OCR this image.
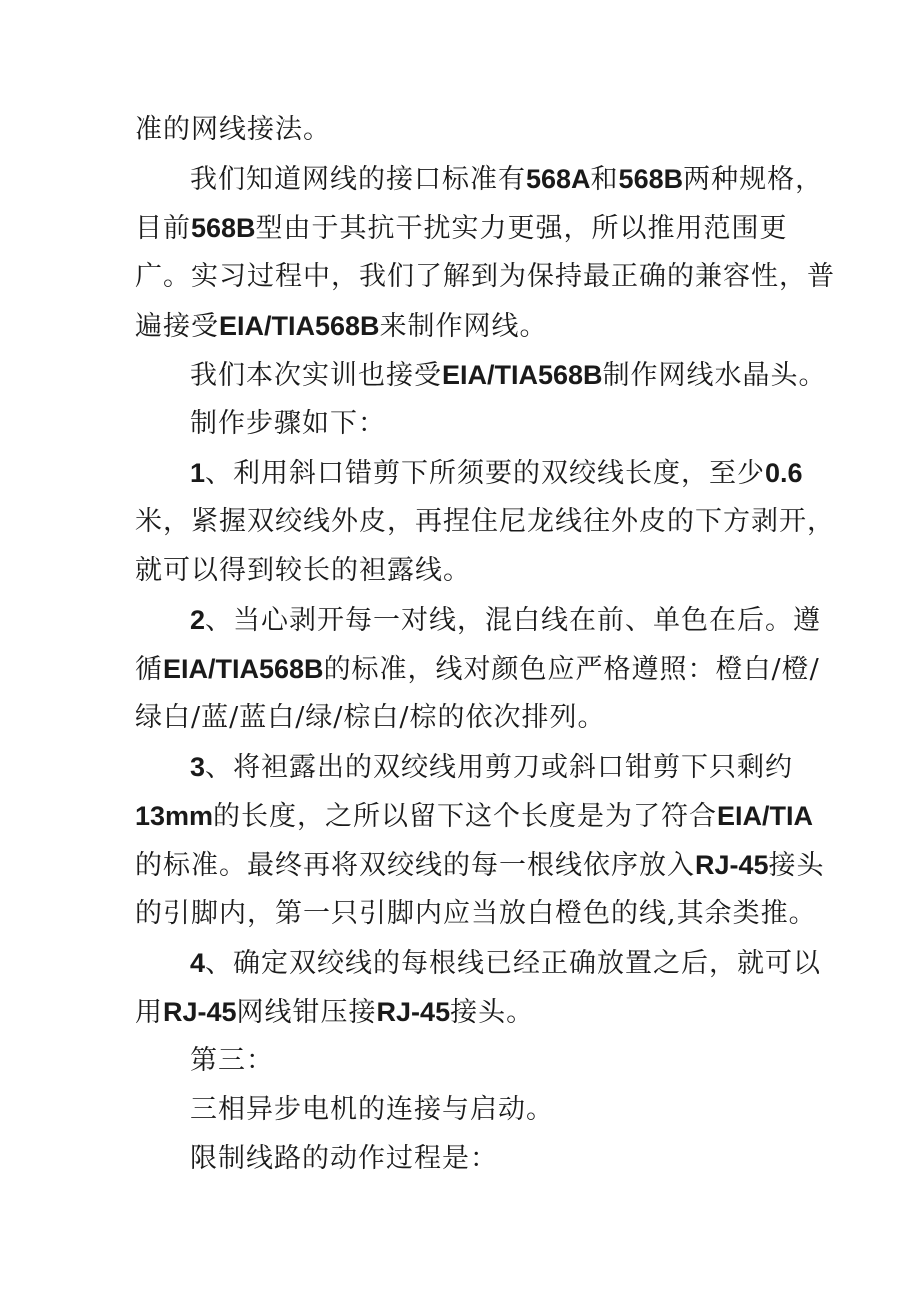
准的网线接法。
我们知道网线的接口标准有568A和568B两种规格，
目前568B型由于其抗干扰实力更强，所以推用范围更
广。实习过程中，我们了解到为保持最正确的兼容性，普
遍接受EIA/TIA568B来制作网线。
我们本次实训也接受EIA/TIA568B制作网线水晶头。
制作步骤如下：
1、利用斜口错剪下所须要的双绞线长度，至少0.6
米，紧握双绞线外皮，再捏住尼龙线往外皮的下方剥开，
就可以得到较长的袒露线。
2、当心剥开每一对线，混白线在前、单色在后。遵
循EIA/TIA568B的标准，线对颜色应严格遵照：橙白/橙/
绿白/蓝/蓝白/绿/棕白/棕的依次排列。
3、将袒露出的双绞线用剪刀或斜口钳剪下只剩约
13mm的长度，之所以留下这个长度是为了符合EIA/TIA
的标准。最终再将双绞线的每一根线依序放入RJ-45接头
的引脚内，第一只引脚内应当放白橙色的线,其余类推。
4、确定双绞线的每根线已经正确放置之后，就可以
用RJ-45网线钳压接RJ-45接头。
第三：
三相异步电机的连接与启动。
限制线路的动作过程是：
